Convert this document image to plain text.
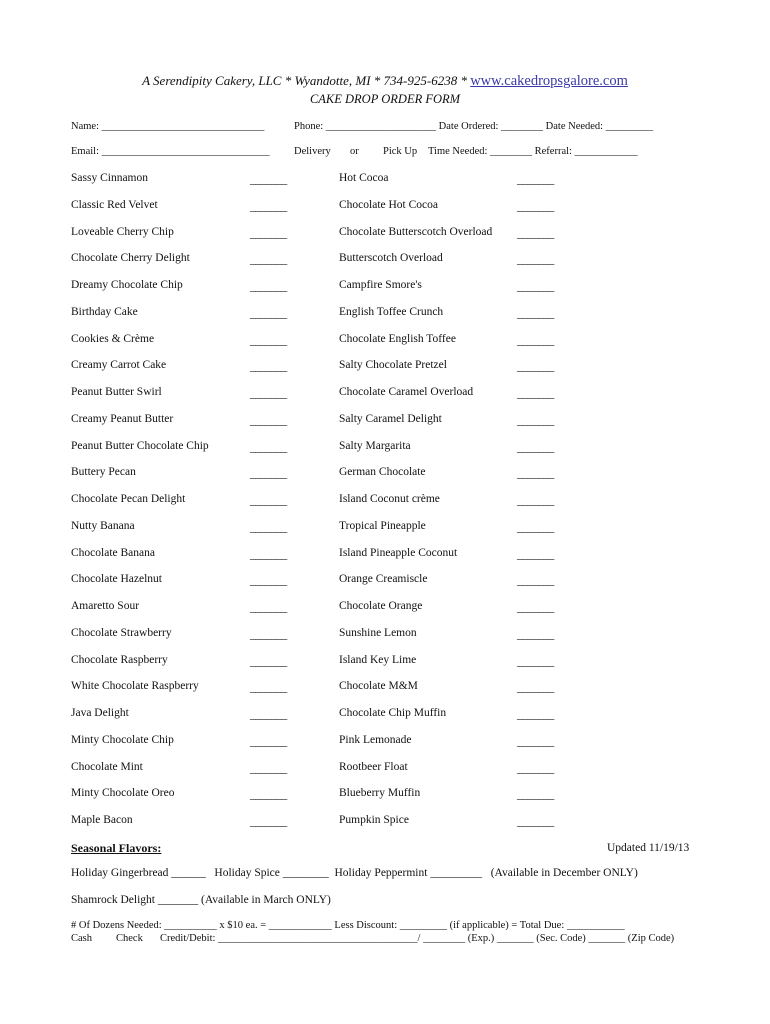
A Serendipity Cakery, LLC * Wyandotte, MI * 734-925-6238 * www.cakedropsgalore.com
CAKE DROP ORDER FORM
Name: _______________________________	Phone: _____________________ Date Ordered: ________ Date Needed: _________
Email: ________________________________ Delivery or Pick Up Time Needed: ________ Referral: ____________
Sassy Cinnamon	_______
Classic Red Velvet	_______
Loveable Cherry Chip	_______
Chocolate Cherry Delight	_______
Dreamy Chocolate Chip	_______
Birthday Cake	_______
Cookies & Crème	_______
Creamy Carrot Cake	_______
Peanut Butter Swirl	_______
Creamy Peanut Butter	_______
Peanut Butter Chocolate Chip	_______
Buttery Pecan	_______
Chocolate Pecan Delight	_______
Nutty Banana	_______
Chocolate Banana	_______
Chocolate Hazelnut	_______
Amaretto Sour	_______
Chocolate Strawberry	_______
Chocolate Raspberry	_______
White Chocolate Raspberry	_______
Java Delight	_______
Minty Chocolate Chip	_______
Chocolate Mint	_______
Minty Chocolate Oreo	_______
Maple Bacon	_______
Hot Cocoa	_______
Chocolate Hot Cocoa	_______
Chocolate Butterscotch Overload _______
Butterscotch Overload	_______
Campfire Smore's	_______
English Toffee Crunch	_______
Chocolate English Toffee	_______
Salty Chocolate Pretzel	_______
Chocolate Caramel Overload	_______
Salty Caramel Delight	_______
Salty Margarita	_______
German Chocolate	_______
Island Coconut crème	_______
Tropical Pineapple	_______
Island Pineapple Coconut	_______
Orange Creamiscle	_______
Chocolate Orange	_______
Sunshine Lemon	_______
Island Key Lime	_______
Chocolate M&M	_______
Chocolate Chip Muffin	_______
Pink Lemonade	_______
Rootbeer Float	_______
Blueberry Muffin	_______
Pumpkin Spice	_______
Seasonal Flavors:	Updated 11/19/13
Holiday Gingerbread ______   Holiday Spice ________  Holiday Peppermint _________   (Available in December ONLY)
Shamrock Delight _______ (Available in March ONLY)
# Of Dozens Needed: __________ x $10 ea. = ____________ Less Discount: _________ (if applicable) = Total Due: ___________
Cash Check Credit/Debit: ______________________________________/ ________ (Exp.) _______ (Sec. Code) _______ (Zip Code)
